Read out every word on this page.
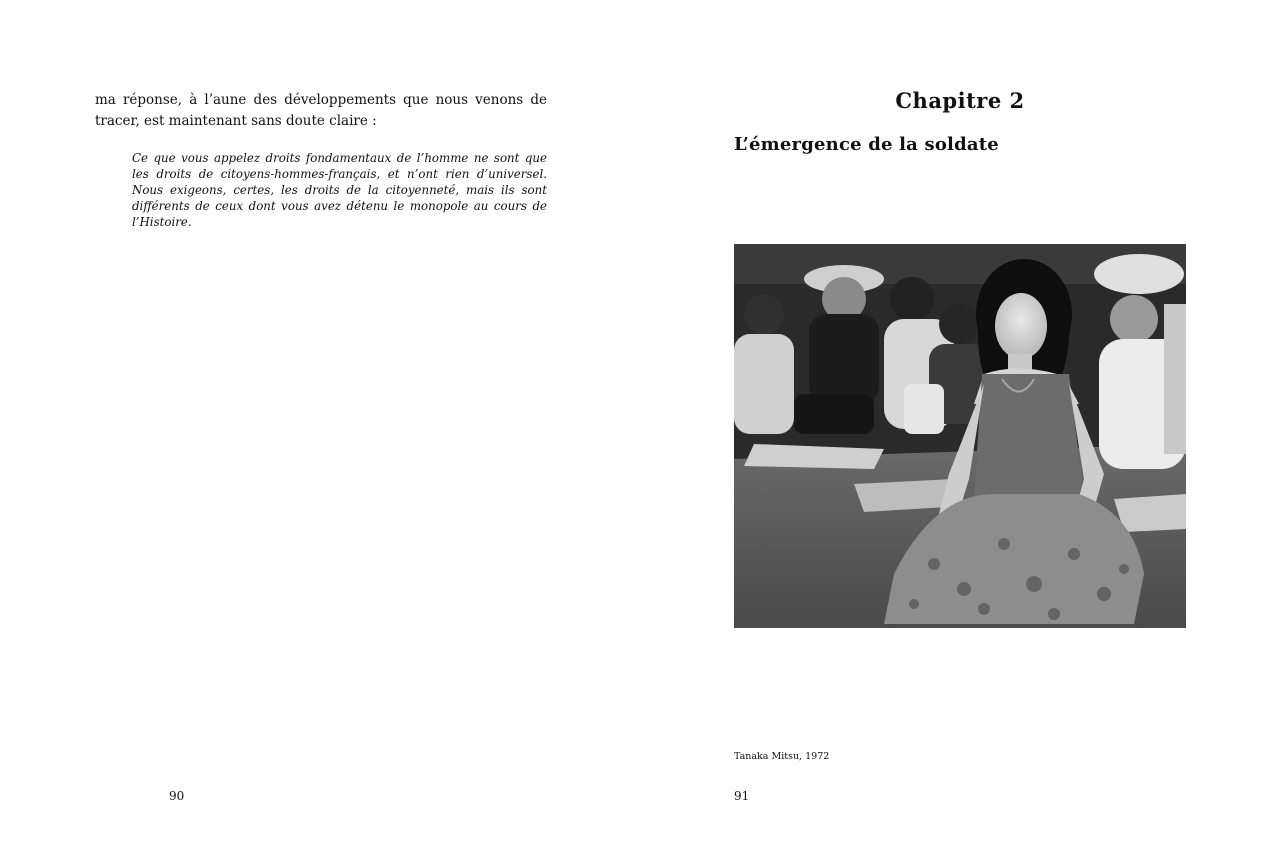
ma réponse, à l’aune des développements que nous venons de tracer, est maintenant sans doute claire :
Ce que vous appelez droits fondamentaux de l’homme ne sont que les droits de citoyens-hommes-français, et n’ont rien d’universel. Nous exigeons, certes, les droits de la citoyenneté, mais ils sont différents de ceux dont vous avez détenu le monopole au cours de l’Histoire.
90
Chapitre 2
L’émergence de la soldate
Tanaka Mitsu, 1972
91
